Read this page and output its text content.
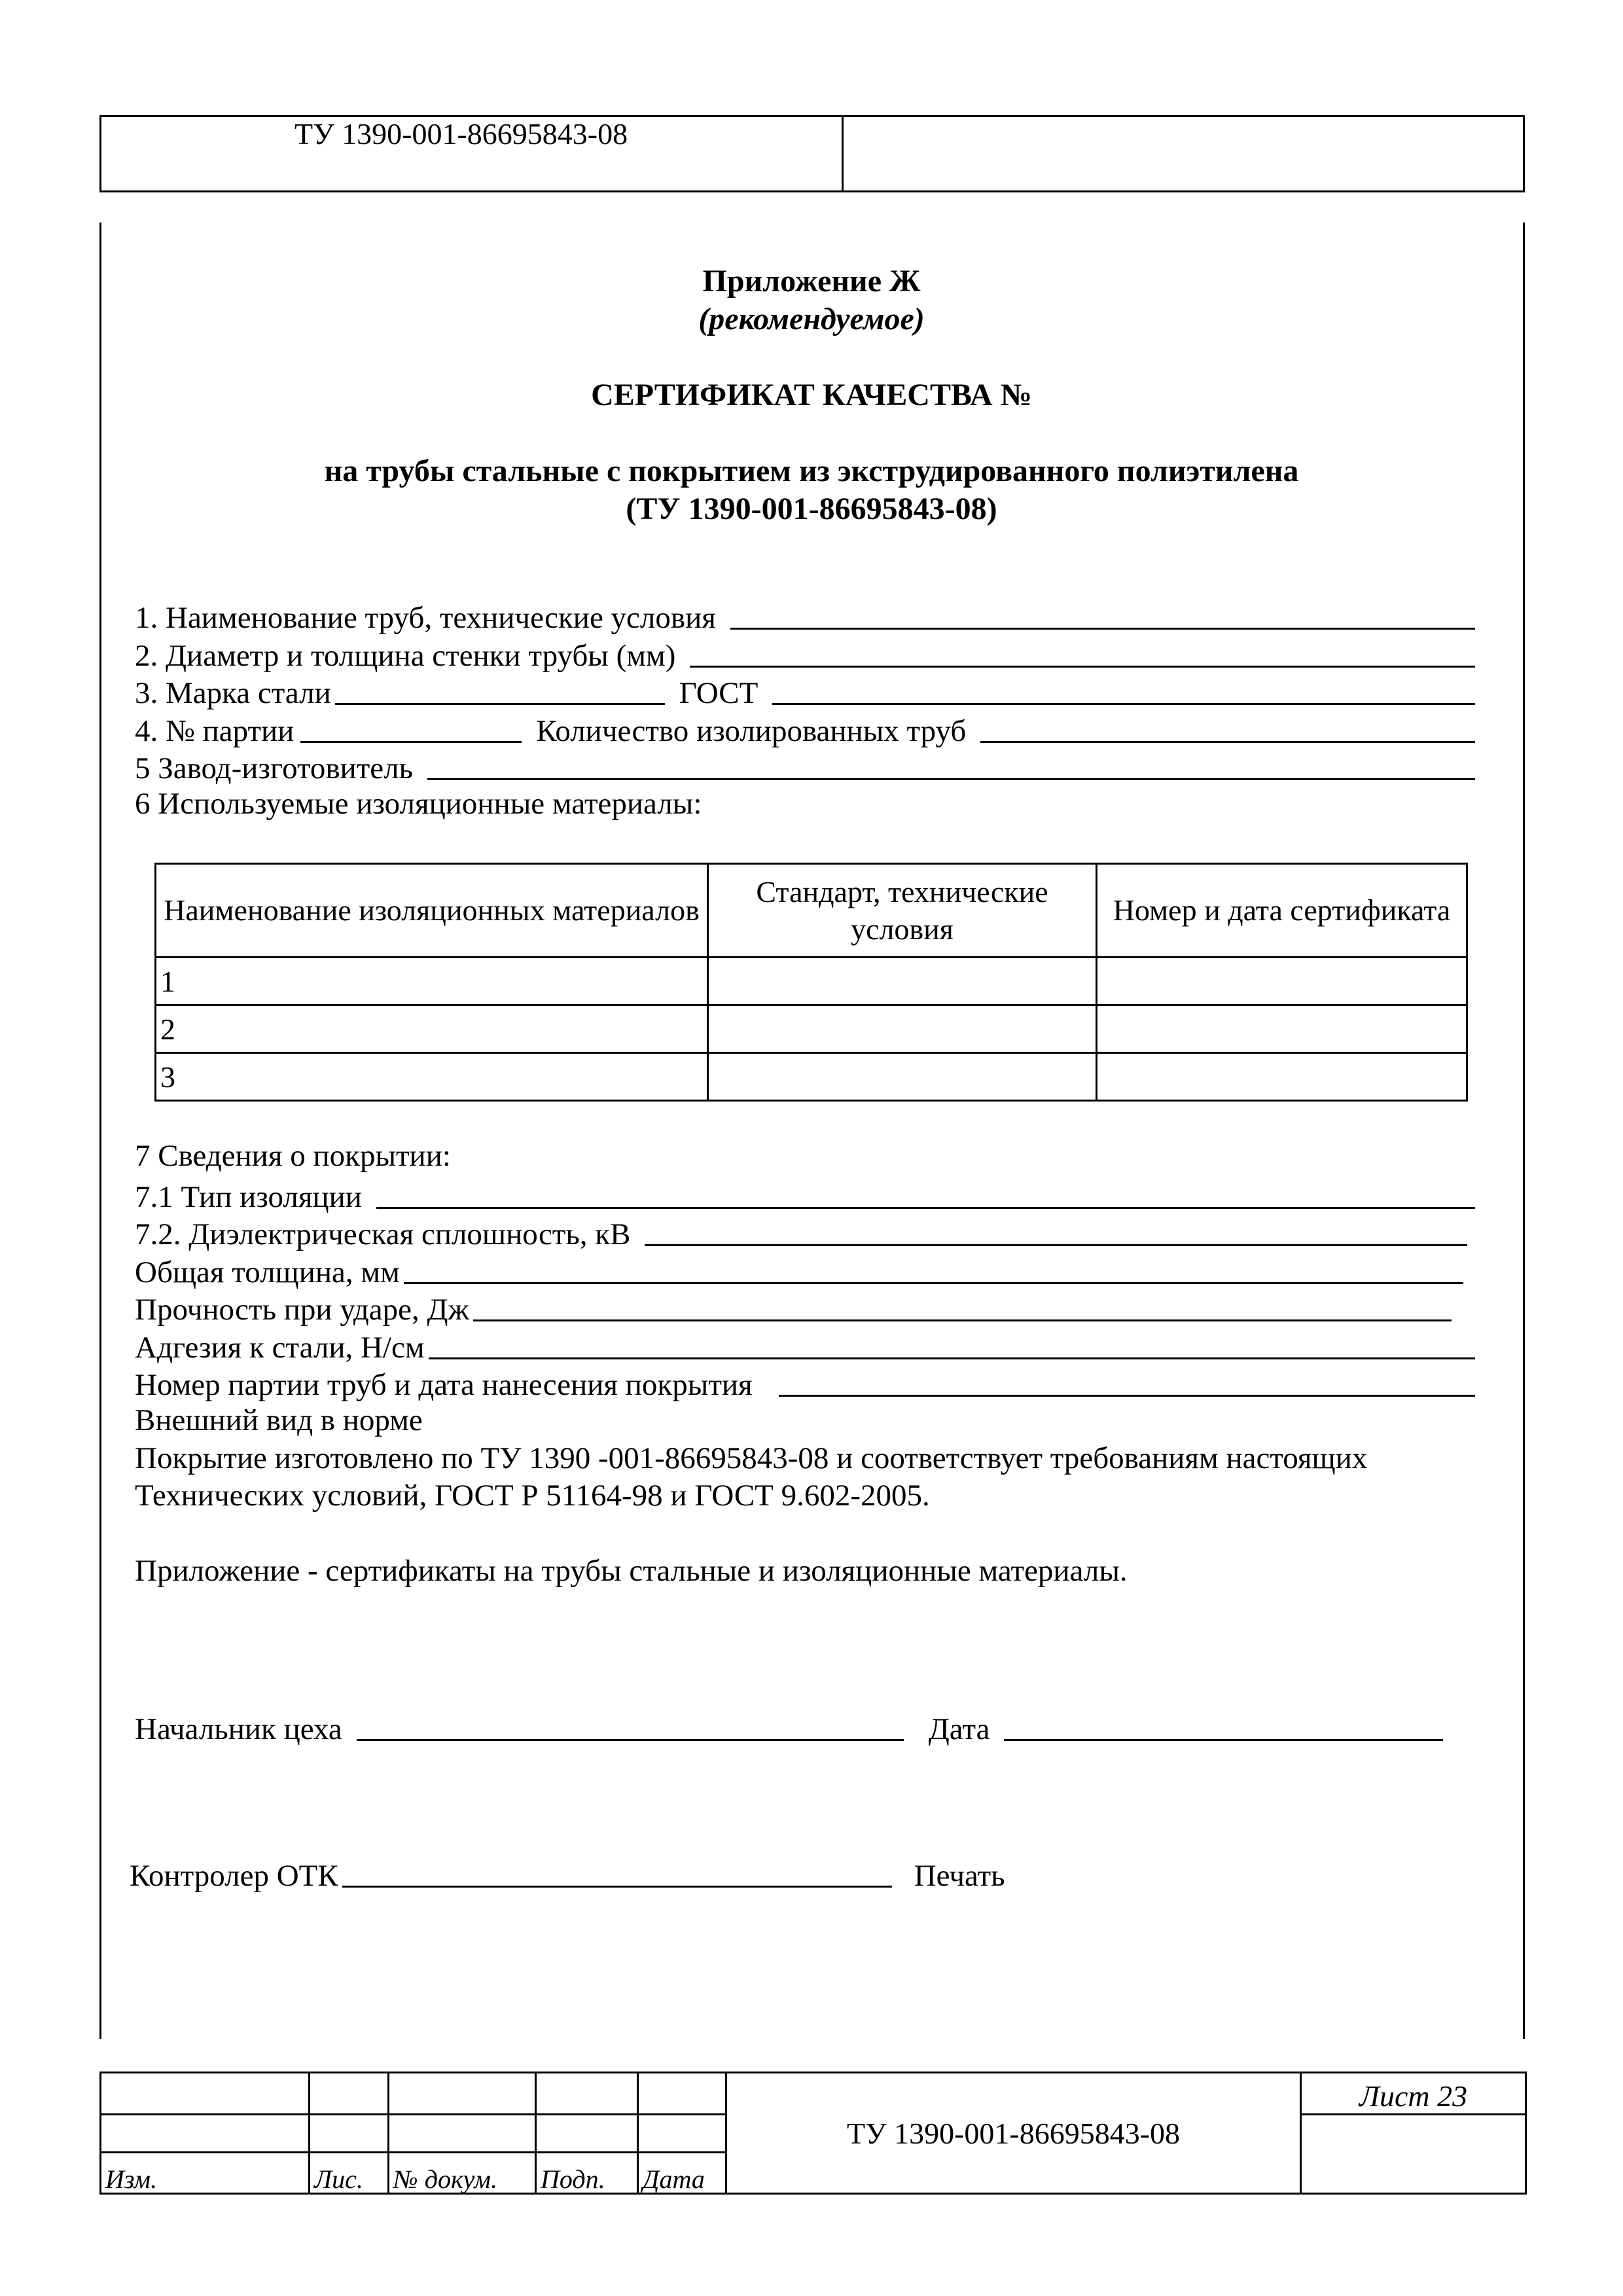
ТУ 1390-001-86695843-08
Приложение Ж
(рекомендуемое)
СЕРТИФИКАТ КАЧЕСТВА №
на трубы стальные с покрытием из экструдированного полиэтилена
(ТУ 1390-001-86695843-08)
1. Наименование труб, технические условия
2. Диаметр и толщина стенки трубы (мм)
3. Марка стали	ГОСТ
4. № партии	Количество изолированных труб
5 Завод-изготовитель
6 Используемые изоляционные материалы:
Наименование изоляционных материалов	Стандарт, технические условия	Номер и дата сертификата
1		
2		
3		
7 Сведения о покрытии:
7.1 Тип изоляции
7.2. Диэлектрическая сплошность, кВ
Общая толщина, мм
Прочность при ударе, Дж
Адгезия к стали, Н/см
Номер партии труб и дата нанесения покрытия
Внешний вид в норме
Покрытие изготовлено по ТУ 1390 -001-86695843-08 и соответствует требованиям настоящих
Технических условий, ГОСТ Р 51164-98 и ГОСТ 9.602-2005.
Приложение - сертификаты на трубы стальные и изоляционные материалы.
Начальник цеха	Дата
Контролер ОТК	Печать
					ТУ 1390-001-86695843-08	Лист 23

Изм.	Лис.	№ докум.	Подп.	Дата		
